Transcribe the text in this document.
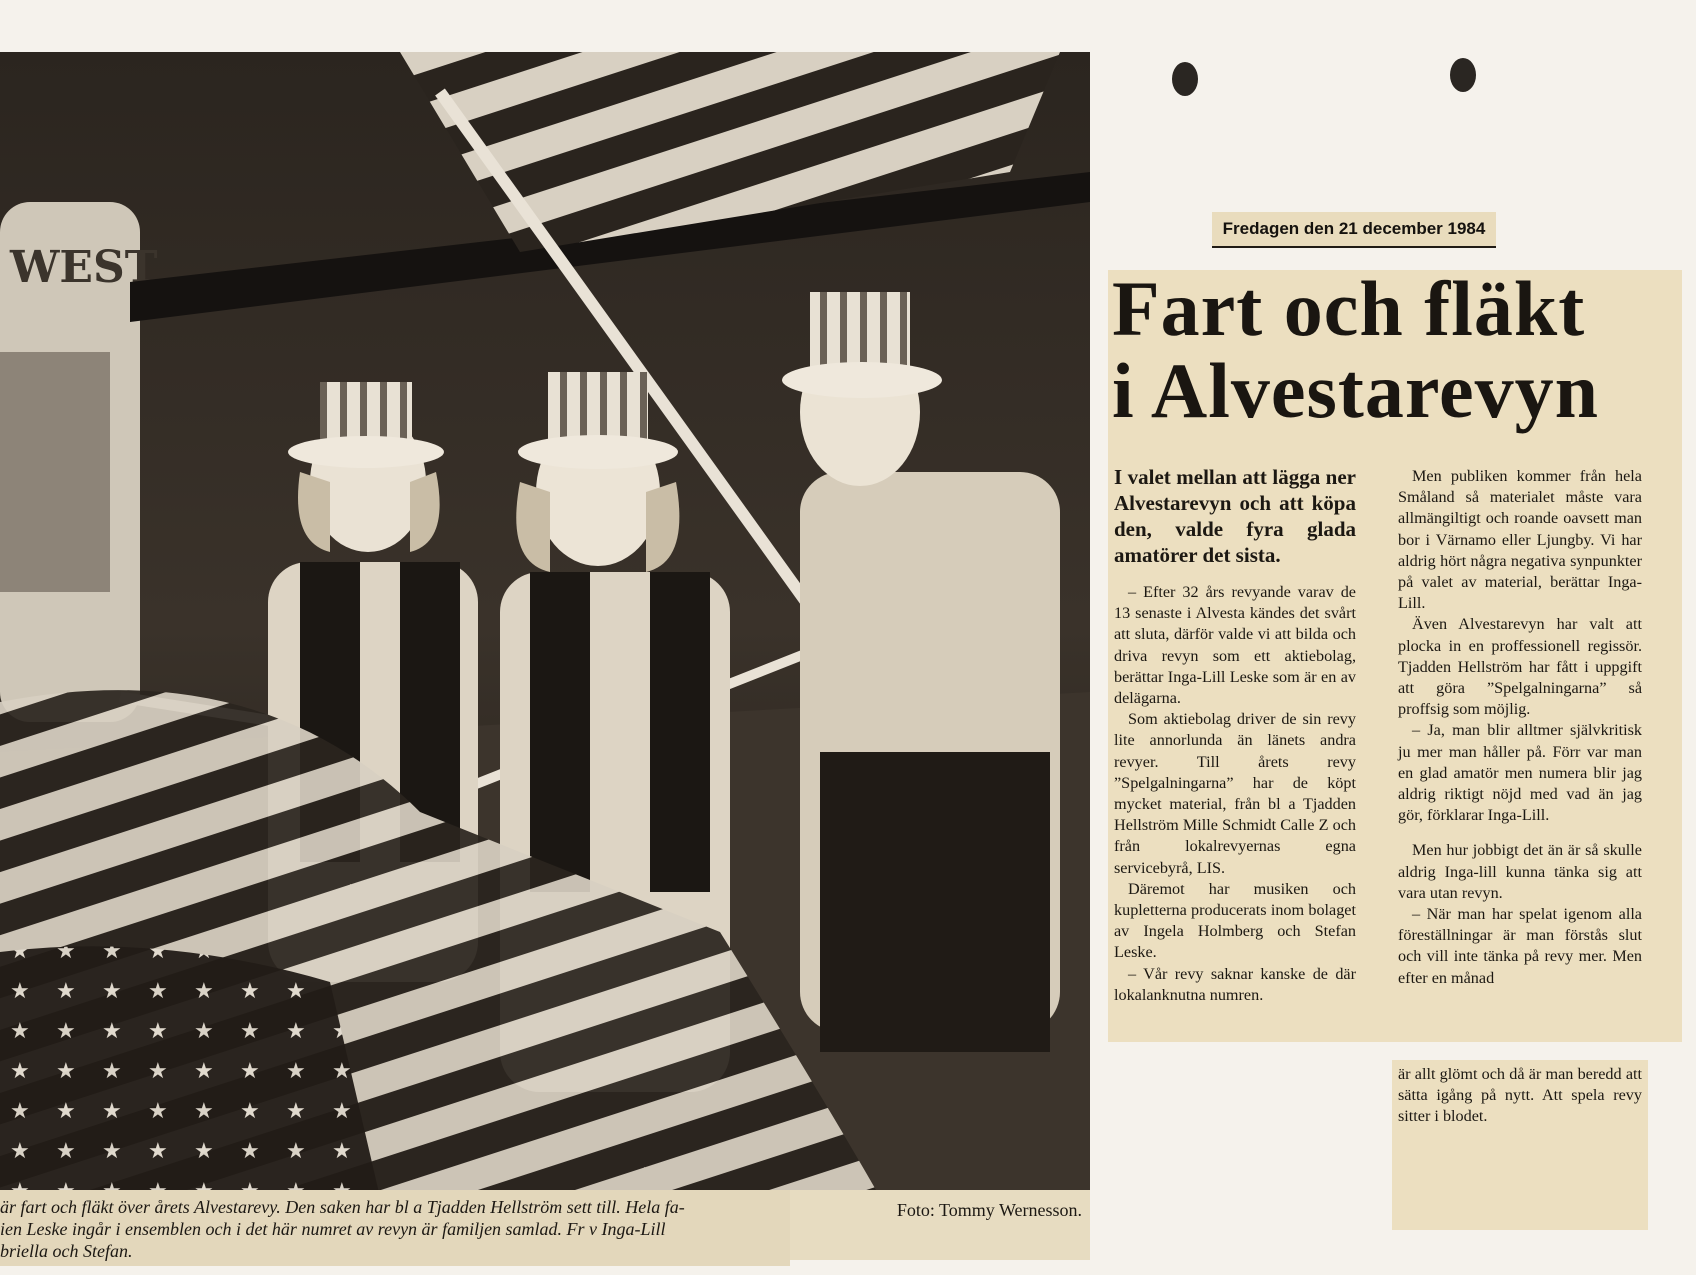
WEST

är fart och fläkt över årets Alvestarevy. Den saken har bl a Tjadden Hellström sett till. Hela fa-

ien Leske ingår i ensemblen och i det här numret av revyn är familjen samlad. Fr v Inga-Lill

briella och Stefan.

Foto: Tommy Wernesson.
Fredagen den 21 december 1984
Fart och fläkt
i Alvestarevyn

I valet mellan att lägga ner Alvestarevyn och att köpa den, valde fyra glada amatörer det sista.

– Efter 32 års revyande varav de 13 senaste i Alvesta kändes det svårt att sluta, därför valde vi att bilda och driva revyn som ett aktiebolag, berättar Inga-Lill Leske som är en av delägarna.

Som aktiebolag driver de sin revy lite annorlunda än länets andra revyer. Till årets revy ”Spelgalningarna” har de köpt mycket material, från bl a Tjadden Hellström Mille Schmidt Calle Z och från lokalrevyernas egna servicebyrå, LIS.

Däremot har musiken och kupletterna producerats inom bolaget av Ingela Holmberg och Stefan Leske.

– Vår revy saknar kanske de där lokalanknutna numren.

Men publiken kommer från hela Småland så materialet måste vara allmängiltigt och roande oavsett man bor i Värnamo eller Ljungby. Vi har aldrig hört några negativa synpunkter på valet av material, berättar Inga-Lill.

Även Alvestarevyn har valt att plocka in en proffessionell regissör. Tjadden Hellström har fått i uppgift att göra ”Spelgalningarna” så proffsig som möjlig.

– Ja, man blir alltmer självkritisk ju mer man håller på. Förr var man en glad amatör men numera blir jag aldrig riktigt nöjd med vad än jag gör, förklarar Inga-Lill.

Men hur jobbigt det än är så skulle aldrig Inga-lill kunna tänka sig att vara utan revyn.

– När man har spelat igenom alla föreställningar är man förstås slut och vill inte tänka på revy mer. Men efter en månad

är allt glömt och då är man beredd att sätta igång på nytt. Att spela revy sitter i blodet.
